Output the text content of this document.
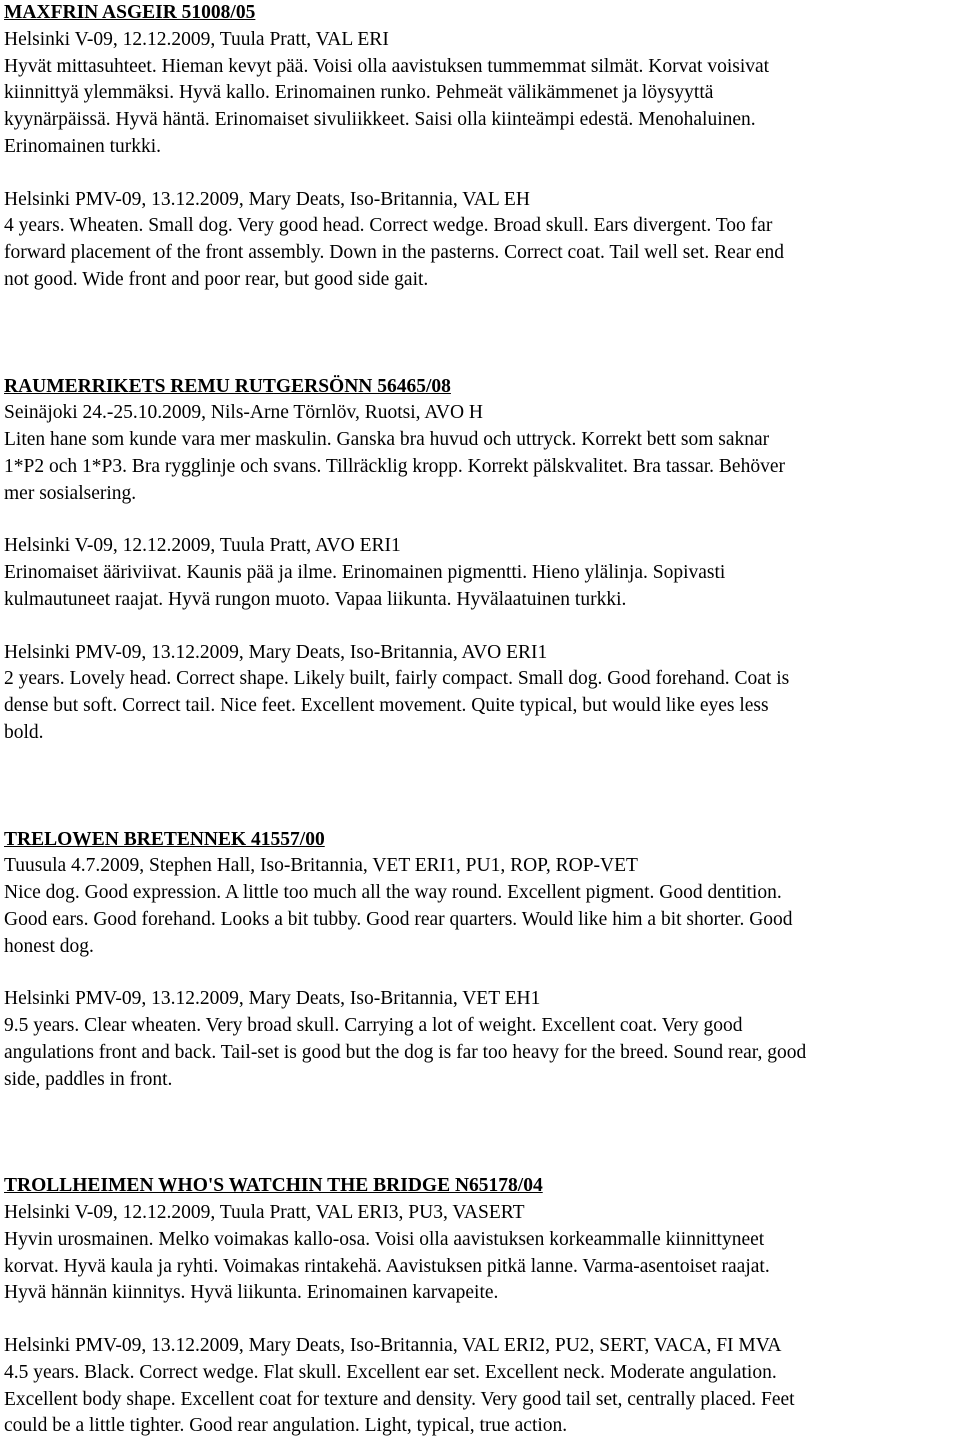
MAXFRIN ASGEIR 51008/05
Helsinki V-09, 12.12.2009, Tuula Pratt, VAL ERI
Hyvät mittasuhteet. Hieman kevyt pää. Voisi olla aavistuksen tummemmat silmät. Korvat voisivat
kiinnittyä ylemmäksi. Hyvä kallo. Erinomainen runko. Pehmeät välikämmenet ja löysyyttä
kyynärpäissä. Hyvä häntä. Erinomaiset sivuliikkeet. Saisi olla kiinteämpi edestä. Menohaluinen.
Erinomainen turkki.
Helsinki PMV-09, 13.12.2009, Mary Deats, Iso-Britannia, VAL EH
4 years. Wheaten. Small dog. Very good head. Correct wedge. Broad skull. Ears divergent. Too far
forward placement of the front assembly. Down in the pasterns. Correct coat. Tail well set. Rear end
not good. Wide front and poor rear, but good side gait.
RAUMERRIKETS REMU RUTGERSÖNN 56465/08
Seinäjoki 24.-25.10.2009, Nils-Arne Törnlöv, Ruotsi, AVO H
Liten hane som kunde vara mer maskulin. Ganska bra huvud och uttryck. Korrekt bett som saknar
1*P2 och 1*P3. Bra rygglinje och svans. Tillräcklig kropp. Korrekt pälskvalitet. Bra tassar. Behöver
mer sosialsering.
Helsinki V-09, 12.12.2009, Tuula Pratt, AVO ERI1
Erinomaiset ääriviivat. Kaunis pää ja ilme. Erinomainen pigmentti. Hieno ylälinja. Sopivasti
kulmautuneet raajat. Hyvä rungon muoto. Vapaa liikunta. Hyvälaatuinen turkki.
Helsinki PMV-09, 13.12.2009, Mary Deats, Iso-Britannia, AVO ERI1
2 years. Lovely head. Correct shape. Likely built, fairly compact. Small dog. Good forehand. Coat is
dense but soft. Correct tail. Nice feet. Excellent movement. Quite typical, but would like eyes less
bold.
TRELOWEN BRETENNEK 41557/00
Tuusula 4.7.2009, Stephen Hall, Iso-Britannia, VET ERI1, PU1, ROP, ROP-VET
Nice dog. Good expression. A little too much all the way round. Excellent pigment. Good dentition.
Good ears. Good forehand. Looks a bit tubby. Good rear quarters. Would like him a bit shorter. Good
honest dog.
Helsinki PMV-09, 13.12.2009, Mary Deats, Iso-Britannia, VET EH1
9.5 years. Clear wheaten. Very broad skull. Carrying a lot of weight. Excellent coat. Very good
angulations front and back. Tail-set is good but the dog is far too heavy for the breed. Sound rear, good
side, paddles in front.
TROLLHEIMEN WHO'S WATCHIN THE BRIDGE N65178/04
Helsinki V-09, 12.12.2009, Tuula Pratt, VAL ERI3, PU3, VASERT
Hyvin urosmainen. Melko voimakas kallo-osa. Voisi olla aavistuksen korkeammalle kiinnittyneet
korvat. Hyvä kaula ja ryhti. Voimakas rintakehä. Aavistuksen pitkä lanne. Varma-asentoiset raajat.
Hyvä hännän kiinnitys. Hyvä liikunta. Erinomainen karvapeite.
Helsinki PMV-09, 13.12.2009, Mary Deats, Iso-Britannia, VAL ERI2, PU2, SERT, VACA, FI MVA
4.5 years. Black. Correct wedge. Flat skull. Excellent ear set. Excellent neck. Moderate angulation.
Excellent body shape. Excellent coat for texture and density. Very good tail set, centrally placed. Feet
could be a little tighter. Good rear angulation. Light, typical, true action.
